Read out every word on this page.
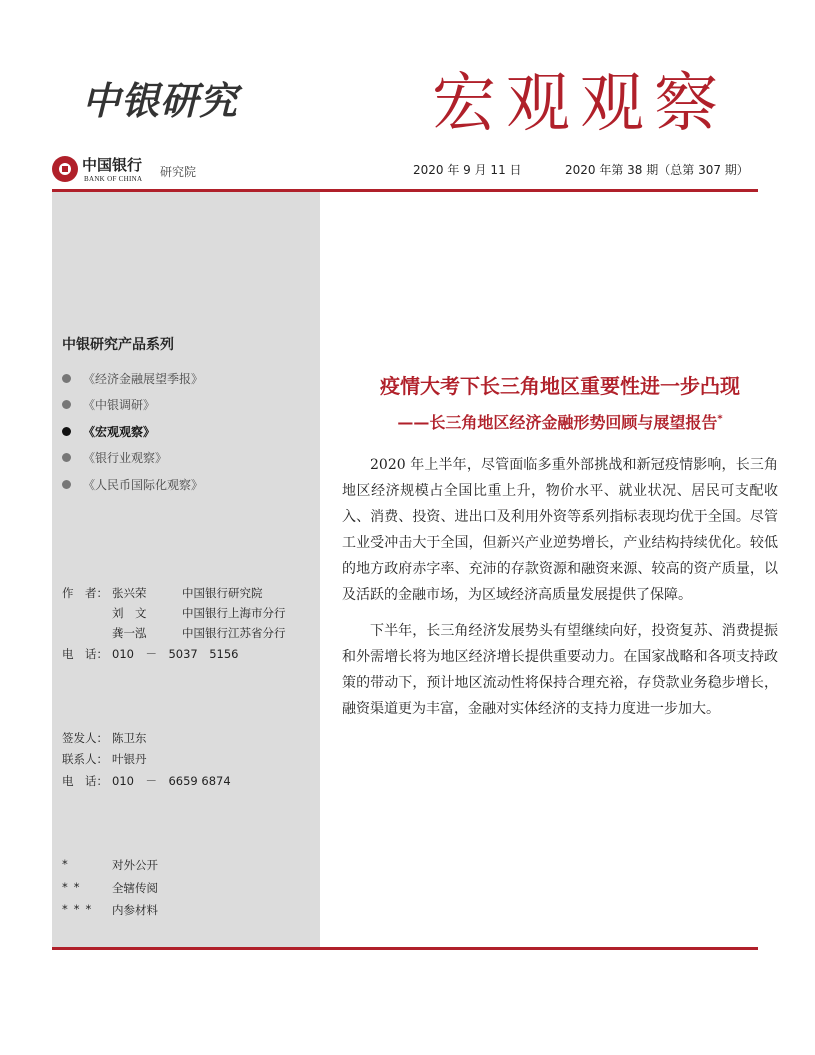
中银研究	宏观观察
中国银行
BANK OF CHINA 研究院	2020 年 9 月 11 日	2020 年第 38 期（总第 307 期）
中银研究产品系列
《经济金融展望季报》
《中银调研》
《宏观观察》
《银行业观察》
《人民币国际化观察》
作　者： 张兴荣	中国银行研究院
刘　文	中国银行上海市分行
龚一泓	中国银行江苏省分行
电　话： 010　－　5037　5156
签发人： 陈卫东
联系人： 叶银丹
电　话： 010　－　6659 6874
*	对外公开
**	全辖传阅
***	内参材料
疫情大考下长三角地区重要性进一步凸现
——长三角地区经济金融形势回顾与展望报告*

2020 年上半年，尽管面临多重外部挑战和新冠疫情影响，长三角地区经济规模占全国比重上升，物价水平、就业状况、居民可支配收入、消费、投资、进出口及利用外资等系列指标表现均优于全国。尽管工业受冲击大于全国，但新兴产业逆势增长，产业结构持续优化。较低的地方政府赤字率、充沛的存款资源和融资来源、较高的资产质量，以及活跃的金融市场，为区域经济高质量发展提供了保障。

下半年，长三角经济发展势头有望继续向好，投资复苏、消费提振和外需增长将为地区经济增长提供重要动力。在国家战略和各项支持政策的带动下，预计地区流动性将保持合理充裕，存贷款业务稳步增长，融资渠道更为丰富，金融对实体经济的支持力度进一步加大。
